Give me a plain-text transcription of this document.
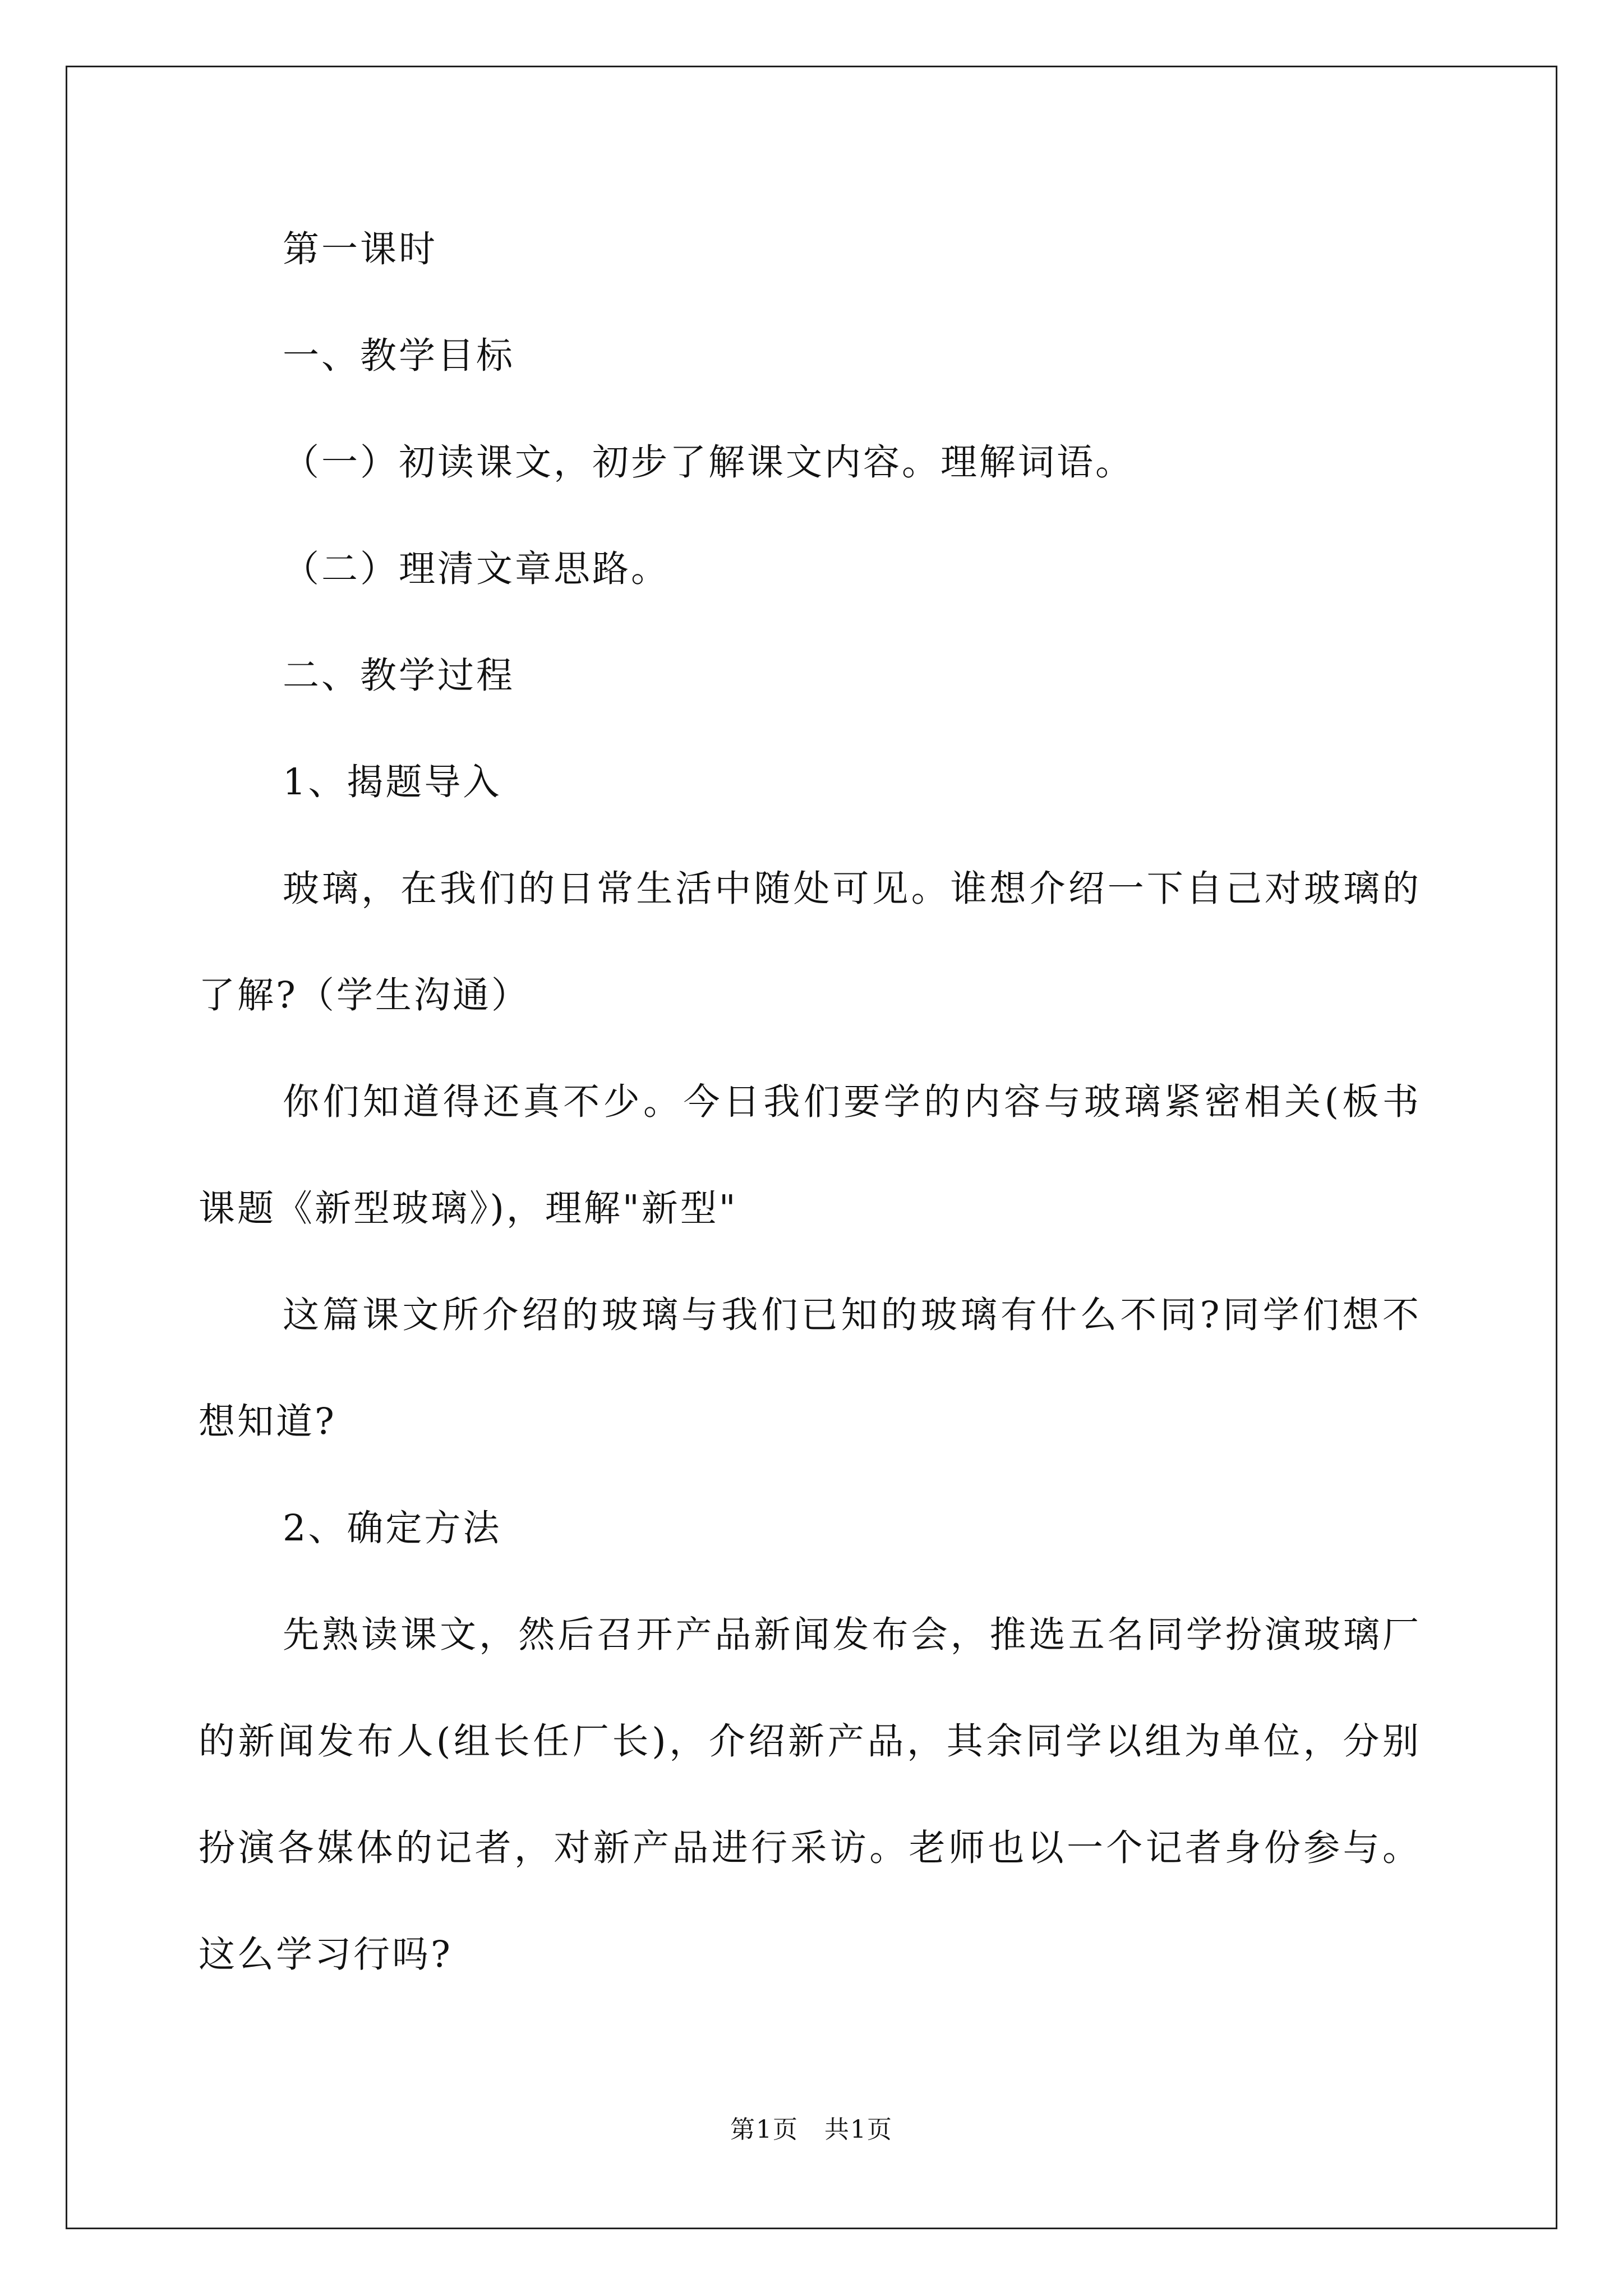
第一课时

一、教学目标

（一）初读课文，初步了解课文内容。理解词语。

（二）理清文章思路。

二、教学过程

1、揭题导入

玻璃，在我们的日常生活中随处可见。谁想介绍一下自己对玻璃的了解?（学生沟通）

你们知道得还真不少。今日我们要学的内容与玻璃紧密相关(板书课题《新型玻璃》)，理解"新型"

这篇课文所介绍的玻璃与我们已知的玻璃有什么不同?同学们想不想知道?

2、确定方法

先熟读课文，然后召开产品新闻发布会，推选五名同学扮演玻璃厂的新闻发布人(组长任厂长)，介绍新产品，其余同学以组为单位，分别扮演各媒体的记者，对新产品进行采访。老师也以一个记者身份参与。这么学习行吗?

第1页　共1页
